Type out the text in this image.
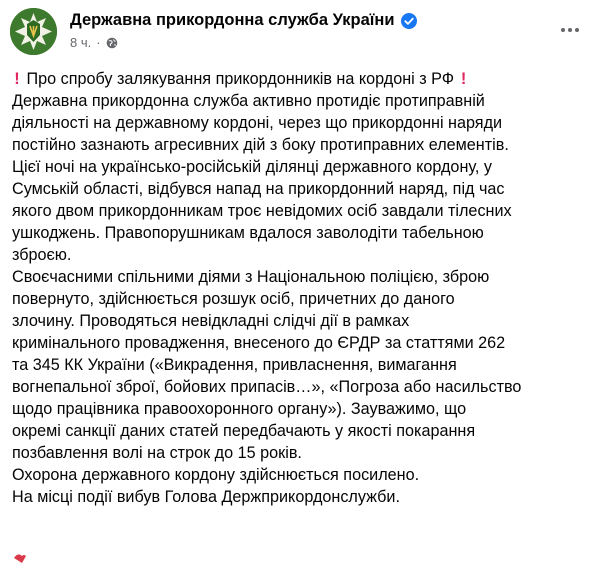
Державна прикордонна служба України
8 ч. ·
! Про спробу залякування прикордонників на кордоні з РФ !
Державна прикордонна служба активно протидіє протиправній
діяльності на державному кордоні, через що прикордонні наряди
постійно зазнають агресивних дій з боку протиправних елементів.
Цієї ночі на українсько-російській ділянці державного кордону, у
Сумській області, відбувся напад на прикордонний наряд, під час
якого двом прикордонникам троє невідомих осіб завдали тілесних
ушкоджень. Правопорушникам вдалося заволодіти табельною
зброєю.
Своєчасними спільними діями з Національною поліцією, зброю
повернуто, здійснюється розшук осіб, причетних до даного
злочину. Проводяться невідкладні слідчі дії в рамках
кримінального провадження, внесеного до ЄРДР за статтями 262
та 345 КК України («Викрадення, привласнення, вимагання
вогнепальної зброї, бойових припасів…», «Погроза або насильство
щодо працівника правоохоронного органу»). Зауважимо, що
окремі санкції даних статей передбачають у якості покарання
позбавлення волі на строк до 15 років.
Охорона державного кордону здійснюється посилено.
На місці події вибув Голова Держприкордонслужби.
